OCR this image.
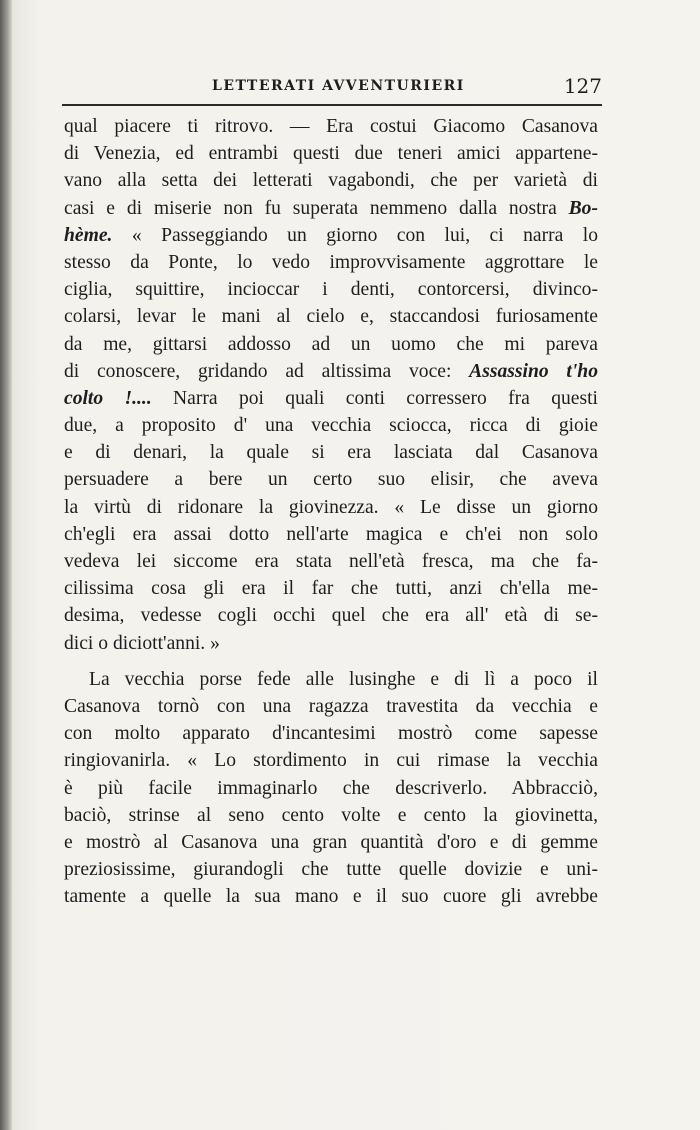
LETTERATI AVVENTURIERI	127
qual piacere ti ritrovo. — Era costui Giacomo Casanova
di Venezia, ed entrambi questi due teneri amici appartene-
vano alla setta dei letterati vagabondi, che per varietà di
casi e di miserie non fu superata nemmeno dalla nostra Bo-
hème. « Passeggiando un giorno con lui, ci narra lo
stesso da Ponte, lo vedo improvvisamente aggrottare le
ciglia, squittire, incioccar i denti, contorcersi, divinco-
colarsi, levar le mani al cielo e, staccandosi furiosamente
da me, gittarsi addosso ad un uomo che mi pareva
di conoscere, gridando ad altissima voce: Assassino t'ho
colto !.... Narra poi quali conti corressero fra questi
due, a proposito d' una vecchia sciocca, ricca di gioie
e di denari, la quale si era lasciata dal Casanova
persuadere a bere un certo suo elisir, che aveva
la virtù di ridonare la giovinezza. « Le disse un giorno
ch'egli era assai dotto nell'arte magica e ch'ei non solo
vedeva lei siccome era stata nell'età fresca, ma che fa-
cilissima cosa gli era il far che tutti, anzi ch'ella me-
desima, vedesse cogli occhi quel che era all' età di se-
dici o diciott'anni. »
La vecchia porse fede alle lusinghe e di lì a poco il
Casanova tornò con una ragazza travestita da vecchia e
con molto apparato d'incantesimi mostrò come sapesse
ringiovanirla. « Lo stordimento in cui rimase la vecchia
è più facile immaginarlo che descriverlo. Abbracciò,
baciò, strinse al seno cento volte e cento la giovinetta,
e mostrò al Casanova una gran quantità d'oro e di gemme
preziosissime, giurandogli che tutte quelle dovizie e uni-
tamente a quelle la sua mano e il suo cuore gli avrebbe
